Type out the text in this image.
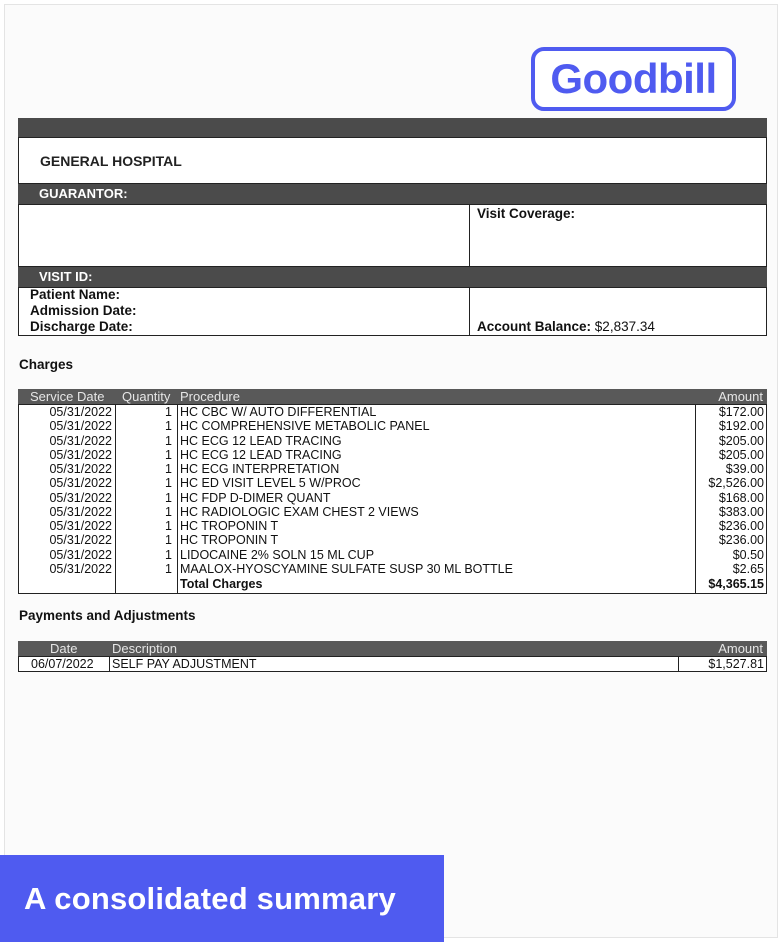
Goodbill
GENERAL HOSPITAL
GUARANTOR:
Visit Coverage:
VISIT ID:
Patient Name:
Admission Date:
Discharge Date:	Account Balance: $2,837.34
Charges
Service Date Quantity Procedure	Amount
05/31/2022	1 HC CBC W/ AUTO DIFFERENTIAL	$172.00
05/31/2022	1 HC COMPREHENSIVE METABOLIC PANEL	$192.00
05/31/2022	1 HC ECG 12 LEAD TRACING	$205.00
05/31/2022	1 HC ECG 12 LEAD TRACING	$205.00
05/31/2022	1 HC ECG INTERPRETATION	$39.00
05/31/2022	1 HC ED VISIT LEVEL 5 W/PROC	$2,526.00
05/31/2022	1 HC FDP D-DIMER QUANT	$168.00
05/31/2022	1 HC RADIOLOGIC EXAM CHEST 2 VIEWS	$383.00
05/31/2022	1 HC TROPONIN T	$236.00
05/31/2022	1 HC TROPONIN T	$236.00
05/31/2022	1 LIDOCAINE 2% SOLN 15 ML CUP	$0.50
05/31/2022	1 MAALOX-HYOSCYAMINE SULFATE SUSP 30 ML BOTTLE	$2.65
Total Charges	$4,365.15
Payments and Adjustments
Date	Description	Amount
06/07/2022 SELF PAY ADJUSTMENT	$1,527.81
A consolidated summary
